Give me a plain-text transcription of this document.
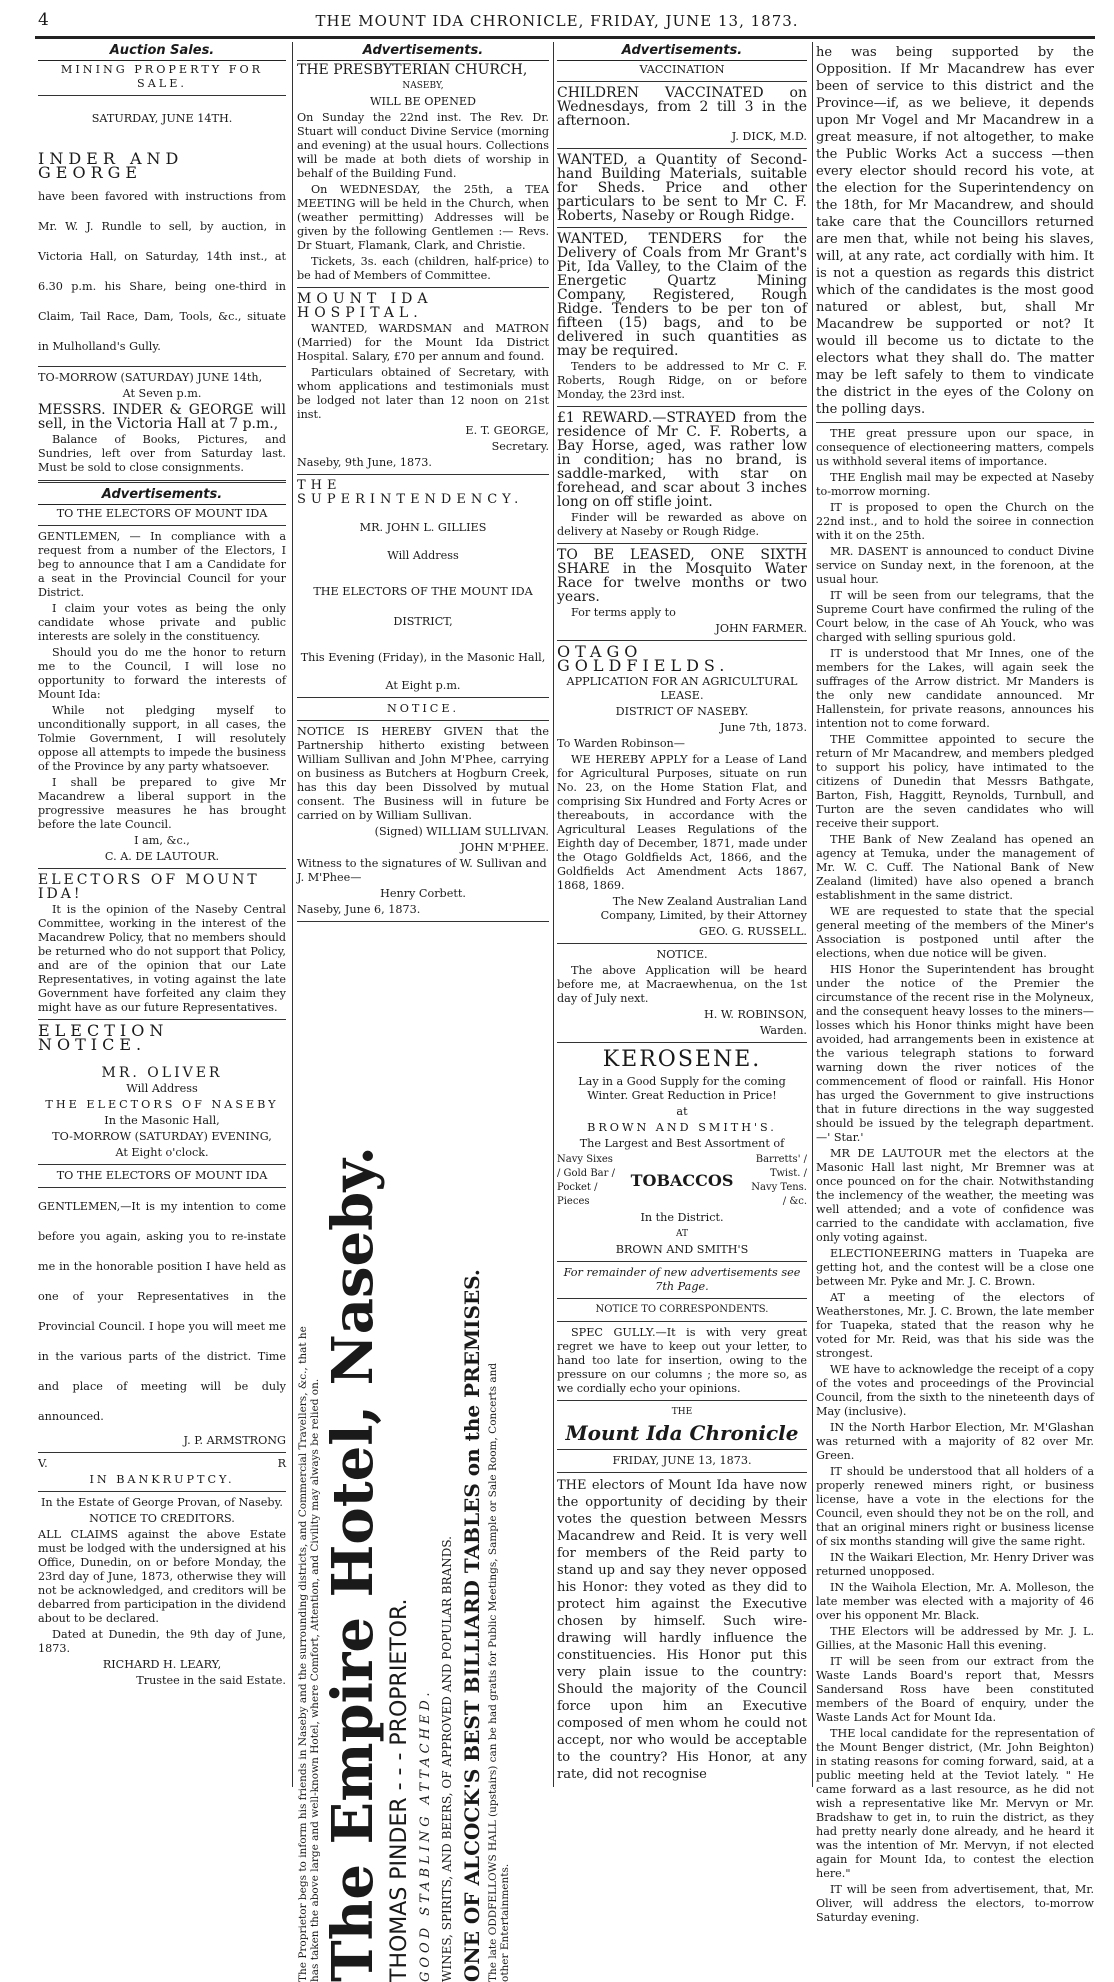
4	THE MOUNT IDA CHRONICLE, FRIDAY, JUNE 13, 1873.
Auction Sales.
MINING PROPERTY FOR SALE.
SATURDAY, JUNE 14TH.
INDER AND GEORGE
have been favored with instructions from Mr. W. J. Rundle to sell, by auction, in Victoria Hall, on Saturday, 14th inst., at 6.30 p.m. his Share, being one-third in Claim, Tail Race, Dam, Tools, &c., situate in Mulholland's Gully.
TO-MORROW (SATURDAY) JUNE 14th,
At Seven p.m.
MESSRS. INDER & GEORGE will sell, in the Victoria Hall at 7 p.m.,
Balance of Books, Pictures, and Sundries, left over from Saturday last. Must be sold to close consignments.
Advertisements.
TO THE ELECTORS OF MOUNT IDA
GENTLEMEN, — In compliance with a request from a number of the Electors, I beg to announce that I am a Candidate for a seat in the Provincial Council for your District.
I claim your votes as being the only candidate whose private and public interests are solely in the constituency.
Should you do me the honor to return me to the Council, I will lose no opportunity to forward the interests of Mount Ida:
While not pledging myself to unconditionally support, in all cases, the Tolmie Government, I will resolutely oppose all attempts to impede the business of the Province by any party whatsoever.
I shall be prepared to give Mr Macandrew a liberal support in the progressive measures he has brought before the late Council.
I am, &c.,
C. A. DE LAUTOUR.
ELECTORS OF MOUNT IDA!
It is the opinion of the Naseby Central Committee, working in the interest of the Macandrew Policy, that no members should be returned who do not support that Policy, and are of the opinion that our Late Representatives, in voting against the late Government have forfeited any claim they might have as our future Representatives.
ELECTION NOTICE.
MR. OLIVER
Will Address
THE ELECTORS OF NASEBY
In the Masonic Hall,
TO-MORROW (SATURDAY) EVENING,
At Eight o'clock.
TO THE ELECTORS OF MOUNT IDA
GENTLEMEN,—It is my intention to come before you again, asking you to re-instate me in the honorable position I have held as one of your Representatives in the Provincial Council. I hope you will meet me in the various parts of the district. Time and place of meeting will be duly announced.
J. P. ARMSTRONG
V.	R
IN BANKRUPTCY.
In the Estate of George Provan, of Naseby.
NOTICE TO CREDITORS.
ALL CLAIMS against the above Estate must be lodged with the undersigned at his Office, Dunedin, on or before Monday, the 23rd day of June, 1873, otherwise they will not be acknowledged, and creditors will be debarred from participation in the dividend about to be declared.
Dated at Dunedin, the 9th day of June, 1873.
RICHARD H. LEARY,
Trustee in the said Estate.
Advertisements.
THE PRESBYTERIAN CHURCH,
NASEBY,
WILL BE OPENED
On Sunday the 22nd inst. The Rev. Dr. Stuart will conduct Divine Service (morning and evening) at the usual hours. Collections will be made at both diets of worship in behalf of the Building Fund.
On WEDNESDAY, the 25th, a TEA MEETING will be held in the Church, when (weather permitting) Addresses will be given by the following Gentlemen :— Revs. Dr Stuart, Flamank, Clark, and Christie.
Tickets, 3s. each (children, half-price) to be had of Members of Committee.
MOUNT IDA HOSPITAL.
WANTED, WARDSMAN and MATRON (Married) for the Mount Ida District Hospital. Salary, £70 per annum and found.
Particulars obtained of Secretary, with whom applications and testimonials must be lodged not later than 12 noon on 21st inst.
E. T. GEORGE,
Secretary.
Naseby, 9th June, 1873.
THE SUPERINTENDENCY.
MR. JOHN L. GILLIES
Will Address
THE ELECTORS OF THE MOUNT IDA DISTRICT,
This Evening (Friday), in the Masonic Hall,
At Eight p.m.
NOTICE.
NOTICE IS HEREBY GIVEN that the Partnership hitherto existing between William Sullivan and John M'Phee, carrying on business as Butchers at Hogburn Creek, has this day been Dissolved by mutual consent. The Business will in future be carried on by William Sullivan.
(Signed) WILLIAM SULLIVAN.
JOHN M'PHEE.
Witness to the signatures of W. Sullivan and J. M'Phee—
Henry Corbett.
Naseby, June 6, 1873.
The Proprietor begs to inform his friends in Naseby and the surrounding districts, and Commercial Travellers, &c., that he has taken the above large and well-known Hotel, where Comfort, Attention, and Civility may always be relied on. The Empire Hotel, Naseby. THOMAS PINDER - - - PROPRIETOR. GOOD STABLING ATTACHED. WINES, SPIRITS, AND BEERS, OF APPROVED AND POPULAR BRANDS. ONE OF ALCOCK'S BEST BILLIARD TABLES on the PREMISES. The late ODDFELLOWS HALL (upstairs) can be had gratis for Public Meetings, Sample or Sale Room, Concerts and other Entertainments.
Advertisements.
VACCINATION
CHILDREN VACCINATED on Wednesdays, from 2 till 3 in the afternoon.
J. DICK, M.D.
WANTED, a Quantity of Second-hand Building Materials, suitable for Sheds. Price and other particulars to be sent to Mr C. F. Roberts, Naseby or Rough Ridge.
WANTED, TENDERS for the Delivery of Coals from Mr Grant's Pit, Ida Valley, to the Claim of the Energetic Quartz Mining Company, Registered, Rough Ridge. Tenders to be per ton of fifteen (15) bags, and to be delivered in such quantities as may be required.
Tenders to be addressed to Mr C. F. Roberts, Rough Ridge, on or before Monday, the 23rd inst.
£1 REWARD.—STRAYED from the residence of Mr C. F. Roberts, a Bay Horse, aged, was rather low in condition; has no brand, is saddle-marked, with star on forehead, and scar about 3 inches long on off stifle joint.
Finder will be rewarded as above on delivery at Naseby or Rough Ridge.
TO BE LEASED, ONE SIXTH SHARE in the Mosquito Water Race for twelve months or two years.
For terms apply to
JOHN FARMER.
OTAGO GOLDFIELDS.
APPLICATION FOR AN AGRICULTURAL LEASE.
DISTRICT OF NASEBY.
June 7th, 1873.
To Warden Robinson—
WE HEREBY APPLY for a Lease of Land for Agricultural Purposes, situate on run No. 23, on the Home Station Flat, and comprising Six Hundred and Forty Acres or thereabouts, in accordance with the Agricultural Leases Regulations of the Eighth day of December, 1871, made under the Otago Goldfields Act, 1866, and the Goldfields Act Amendment Acts 1867, 1868, 1869.
The New Zealand Australian Land Company, Limited, by their Attorney
GEO. G. RUSSELL.
NOTICE.
The above Application will be heard before me, at Macraewhenua, on the 1st day of July next.
H. W. ROBINSON,
Warden.
KEROSENE.
Lay in a Good Supply for the coming Winter. Great Reduction in Price!
at
BROWN AND SMITH'S.
The Largest and Best Assortment of
Navy Sixes / Gold Bar / Pocket / Pieces
TOBACCOS
Barretts' / Twist. / Navy Tens. / &c.
In the District.
AT
BROWN AND SMITH'S
For remainder of new advertisements see 7th Page.
NOTICE TO CORRESPONDENTS.
SPEC GULLY.—It is with very great regret we have to keep out your letter, to hand too late for insertion, owing to the pressure on our columns ; the more so, as we cordially echo your opinions.
THE
Mount Ida Chronicle
FRIDAY, JUNE 13, 1873.
THE electors of Mount Ida have now the opportunity of deciding by their votes the question between Messrs Macandrew and Reid. It is very well for members of the Reid party to stand up and say they never opposed his Honor: they voted as they did to protect him against the Executive chosen by himself. Such wire-drawing will hardly influence the constituencies. His Honor put this very plain issue to the country: Should the majority of the Council force upon him an Executive composed of men whom he could not accept, nor who would be acceptable to the country? His Honor, at any rate, did not recognise
he was being supported by the Opposition. If Mr Macandrew has ever been of service to this district and the Province—if, as we believe, it depends upon Mr Vogel and Mr Macandrew in a great measure, if not altogether, to make the Public Works Act a success —then every elector should record his vote, at the election for the Superintendency on the 18th, for Mr Macandrew, and should take care that the Councillors returned are men that, while not being his slaves, will, at any rate, act cordially with him. It is not a question as regards this district which of the candidates is the most good natured or ablest, but, shall Mr Macandrew be supported or not? It would ill become us to dictate to the electors what they shall do. The matter may be left safely to them to vindicate the district in the eyes of the Colony on the polling days.
THE great pressure upon our space, in consequence of electioneering matters, compels us withhold several items of importance.
THE English mail may be expected at Naseby to-morrow morning.
IT is proposed to open the Church on the 22nd inst., and to hold the soiree in connection with it on the 25th.
MR. DASENT is announced to conduct Divine service on Sunday next, in the forenoon, at the usual hour.
IT will be seen from our telegrams, that the Supreme Court have confirmed the ruling of the Court below, in the case of Ah Youck, who was charged with selling spurious gold.
IT is understood that Mr Innes, one of the members for the Lakes, will again seek the suffrages of the Arrow district. Mr Manders is the only new candidate announced. Mr Hallenstein, for private reasons, announces his intention not to come forward.
THE Committee appointed to secure the return of Mr Macandrew, and members pledged to support his policy, have intimated to the citizens of Dunedin that Messrs Bathgate, Barton, Fish, Haggitt, Reynolds, Turnbull, and Turton are the seven candidates who will receive their support.
THE Bank of New Zealand has opened an agency at Temuka, under the management of Mr. W. C. Cuff. The National Bank of New Zealand (limited) have also opened a branch establishment in the same district.
WE are requested to state that the special general meeting of the members of the Miner's Association is postponed until after the elections, when due notice will be given.
HIS Honor the Superintendent has brought under the notice of the Premier the circumstance of the recent rise in the Molyneux, and the consequent heavy losses to the miners—losses which his Honor thinks might have been avoided, had arrangements been in existence at the various telegraph stations to forward warning down the river notices of the commencement of flood or rainfall. His Honor has urged the Government to give instructions that in future directions in the way suggested should be issued by the telegraph department. —' Star.'
MR DE LAUTOUR met the electors at the Masonic Hall last night, Mr Bremner was at once pounced on for the chair. Notwithstanding the inclemency of the weather, the meeting was well attended; and a vote of confidence was carried to the candidate with acclamation, five only voting against.
ELECTIONEERING matters in Tuapeka are getting hot, and the contest will be a close one between Mr. Pyke and Mr. J. C. Brown.
AT a meeting of the electors of Weatherstones, Mr. J. C. Brown, the late member for Tuapeka, stated that the reason why he voted for Mr. Reid, was that his side was the strongest.
WE have to acknowledge the receipt of a copy of the votes and proceedings of the Provincial Council, from the sixth to the nineteenth days of May (inclusive).
IN the North Harbor Election, Mr. M'Glashan was returned with a majority of 82 over Mr. Green.
IT should be understood that all holders of a properly renewed miners right, or business license, have a vote in the elections for the Council, even should they not be on the roll, and that an original miners right or business license of six months standing will give the same right.
IN the Waikari Election, Mr. Henry Driver was returned unopposed.
IN the Waihola Election, Mr. A. Molleson, the late member was elected with a majority of 46 over his opponent Mr. Black.
THE Electors will be addressed by Mr. J. L. Gillies, at the Masonic Hall this evening.
IT will be seen from our extract from the Waste Lands Board's report that, Messrs Sandersand Ross have been constituted members of the Board of enquiry, under the Waste Lands Act for Mount Ida.
THE local candidate for the representation of the Mount Benger district, (Mr. John Beighton) in stating reasons for coming forward, said, at a public meeting held at the Teviot lately. " He came forward as a last resource, as he did not wish a representative like Mr. Mervyn or Mr. Bradshaw to get in, to ruin the district, as they had pretty nearly done already, and he heard it was the intention of Mr. Mervyn, if not elected again for Mount Ida, to contest the election here."
IT will be seen from advertisement, that, Mr. Oliver, will address the electors, to-morrow Saturday evening.
